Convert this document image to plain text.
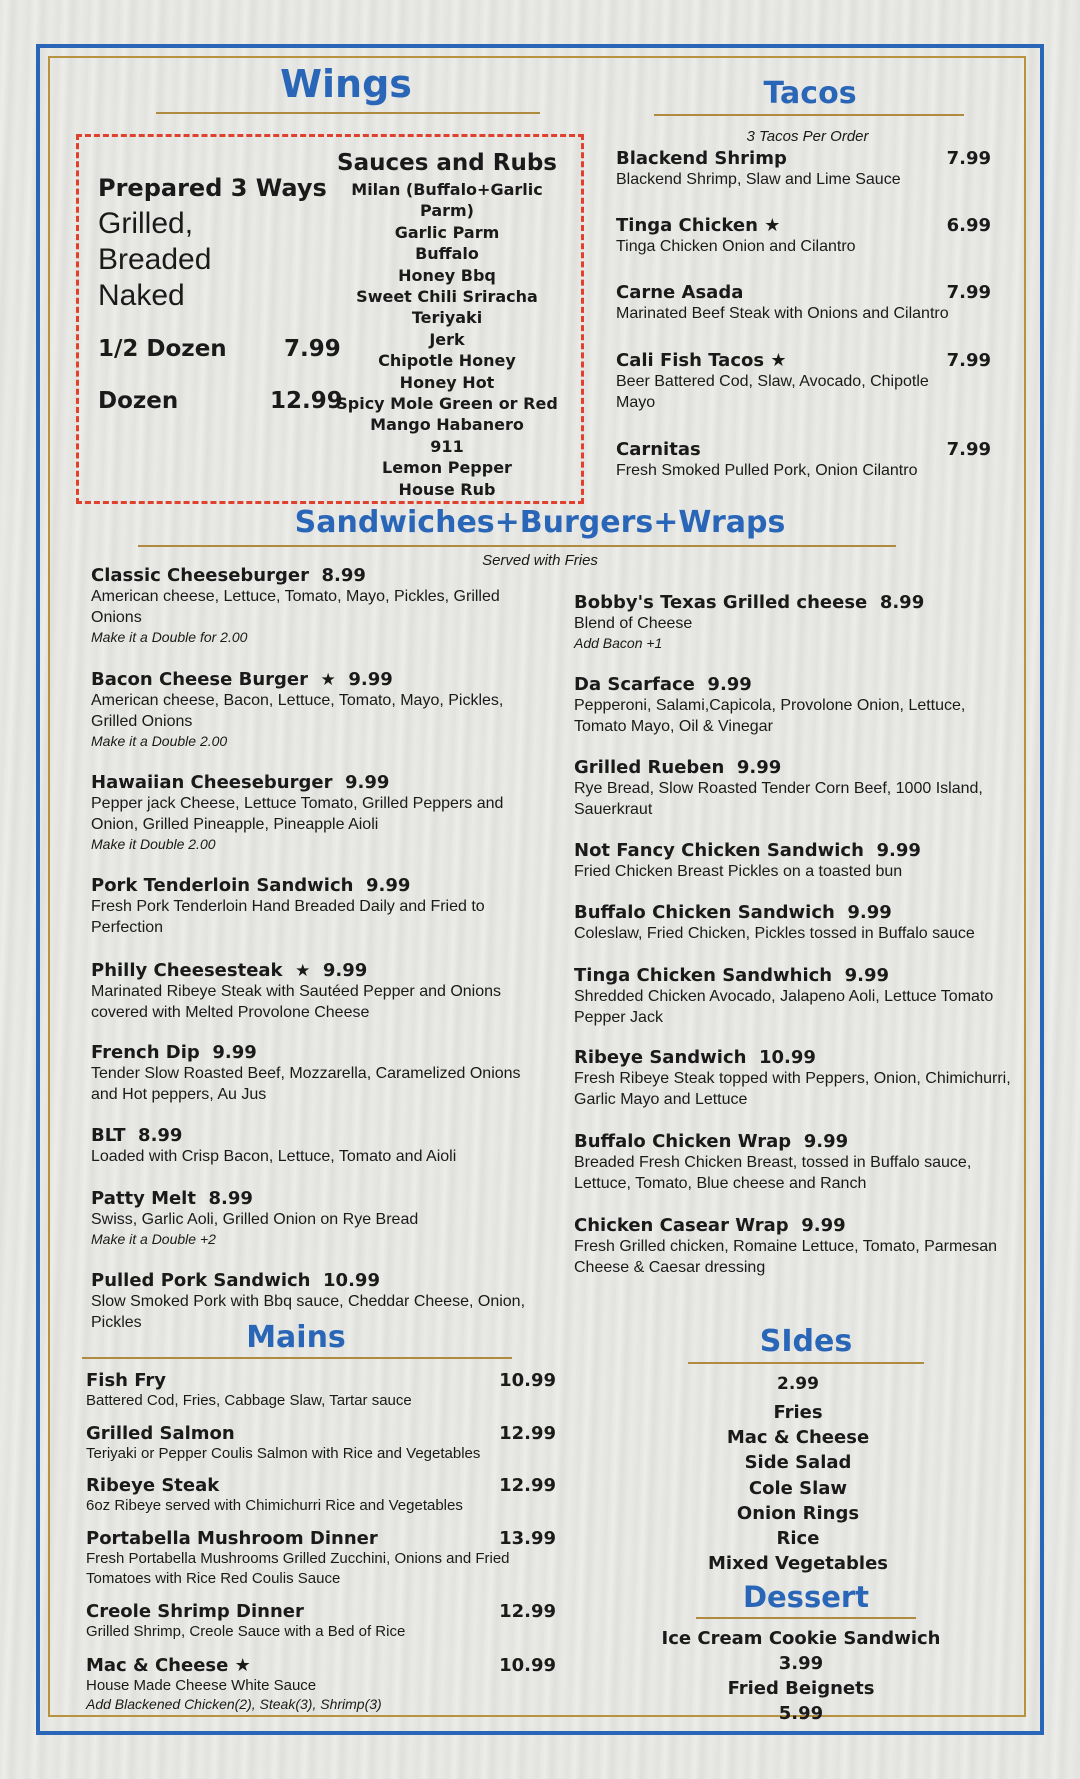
Wings
Prepared 3 Ways
Grilled,
Breaded
Naked
1/2 Dozen 7.99
Dozen	12.99
Sauces and Rubs
Milan (Buffalo+Garlic Parm)
Garlic Parm
Buffalo
Honey Bbq
Sweet Chili Sriracha
Teriyaki
Jerk
Chipotle Honey
Honey Hot
Spicy Mole Green or Red
Mango Habanero
911
Lemon Pepper
House Rub
Tacos
3 Tacos Per Order
Blackend Shrimp	7.99
Blackend Shrimp, Slaw and Lime Sauce
Tinga Chicken ★	6.99
Tinga Chicken Onion and Cilantro
Carne Asada	7.99
Marinated Beef Steak with Onions and Cilantro
Cali Fish Tacos ★	7.99
Beer Battered Cod, Slaw, Avocado, Chipotle Mayo
Carnitas	7.99
Fresh Smoked Pulled Pork, Onion Cilantro
Sandwiches+Burgers+Wraps
Served with Fries
Classic Cheeseburger 8.99
American cheese, Lettuce, Tomato, Mayo, Pickles, Grilled Onions
Make it a Double for 2.00
Bacon Cheese Burger ★ 9.99
American cheese, Bacon, Lettuce, Tomato, Mayo, Pickles, Grilled Onions
Make it a Double 2.00
Hawaiian Cheeseburger 9.99
Pepper jack Cheese, Lettuce Tomato, Grilled Peppers and Onion, Grilled Pineapple, Pineapple Aioli
Make it Double 2.00
Pork Tenderloin Sandwich 9.99
Fresh Pork Tenderloin Hand Breaded Daily and Fried to Perfection
Philly Cheesesteak ★ 9.99
Marinated Ribeye Steak with Sautéed Pepper and Onions covered with Melted Provolone Cheese
French Dip 9.99
Tender Slow Roasted Beef, Mozzarella, Caramelized Onions and Hot peppers, Au Jus
BLT 8.99
Loaded with Crisp Bacon, Lettuce, Tomato and Aioli
Patty Melt 8.99
Swiss, Garlic Aoli, Grilled Onion on Rye Bread
Make it a Double +2
Pulled Pork Sandwich 10.99
Slow Smoked Pork with Bbq sauce, Cheddar Cheese, Onion, Pickles
Bobby's Texas Grilled cheese 8.99
Blend of Cheese
Add Bacon +1
Da Scarface 9.99
Pepperoni, Salami,Capicola, Provolone Onion, Lettuce, Tomato Mayo, Oil & Vinegar
Grilled Rueben 9.99
Rye Bread, Slow Roasted Tender Corn Beef, 1000 Island, Sauerkraut
Not Fancy Chicken Sandwich 9.99
Fried Chicken Breast Pickles on a toasted bun
Buffalo Chicken Sandwich 9.99
Coleslaw, Fried Chicken, Pickles tossed in Buffalo sauce
Tinga Chicken Sandwhich 9.99
Shredded Chicken Avocado, Jalapeno Aoli, Lettuce Tomato Pepper Jack
Ribeye Sandwich 10.99
Fresh Ribeye Steak topped with Peppers, Onion, Chimichurri, Garlic Mayo and Lettuce
Buffalo Chicken Wrap 9.99
Breaded Fresh Chicken Breast, tossed in Buffalo sauce, Lettuce, Tomato, Blue cheese and Ranch
Chicken Casear Wrap 9.99
Fresh Grilled chicken, Romaine Lettuce, Tomato, Parmesan Cheese & Caesar dressing
Mains
Fish Fry	10.99
Battered Cod, Fries, Cabbage Slaw, Tartar sauce
Grilled Salmon	12.99
Teriyaki or Pepper Coulis Salmon with Rice and Vegetables
Ribeye Steak	12.99
6oz Ribeye served with Chimichurri Rice and Vegetables
Portabella Mushroom Dinner	13.99
Fresh Portabella Mushrooms Grilled Zucchini, Onions and Fried Tomatoes with Rice Red Coulis Sauce
Creole Shrimp Dinner	12.99
Grilled Shrimp, Creole Sauce with a Bed of Rice
Mac & Cheese ★	10.99
House Made Cheese White Sauce
Add Blackened Chicken(2), Steak(3), Shrimp(3)
SIdes
2.99
Fries
Mac & Cheese
Side Salad
Cole Slaw
Onion Rings
Rice
Mixed Vegetables
Dessert
Ice Cream Cookie Sandwich
3.99
Fried Beignets
5.99
